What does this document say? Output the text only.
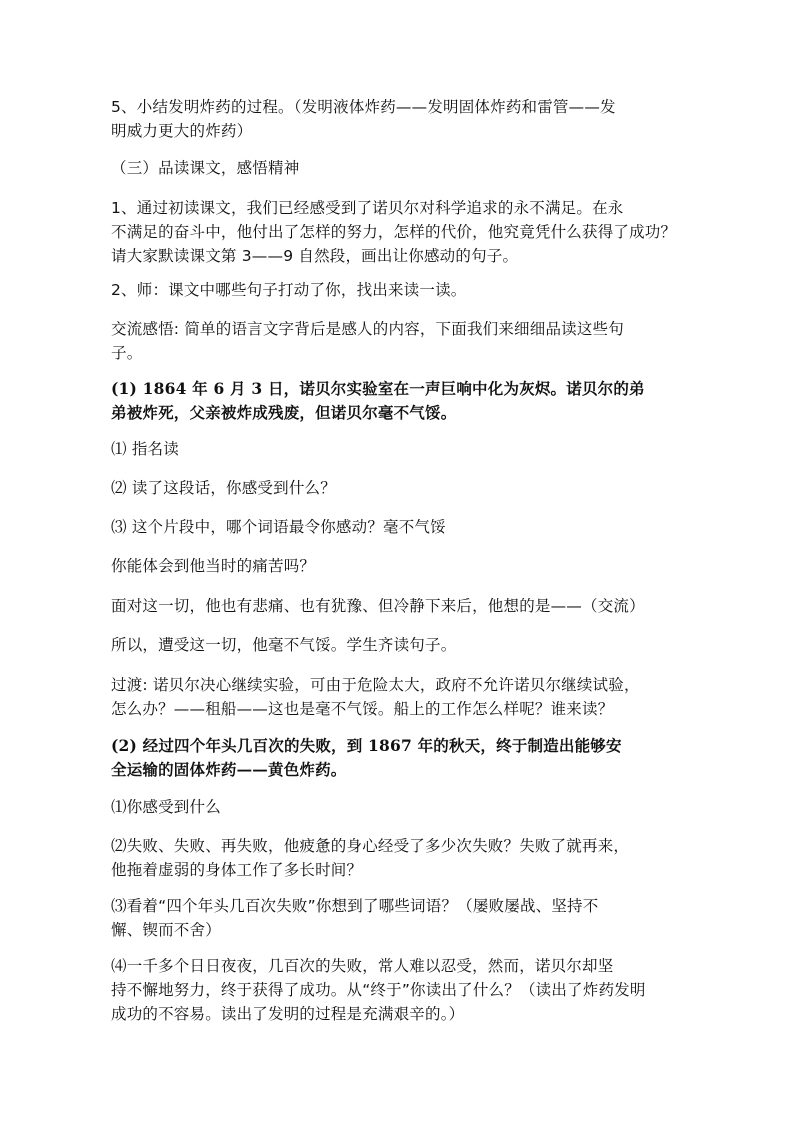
5、小结发明炸药的过程。（发明液体炸药——发明固体炸药和雷管——发
明威力更大的炸药）
（三）品读课文，感悟精神
1、通过初读课文，我们已经感受到了诺贝尔对科学追求的永不满足。在永
不满足的奋斗中，他付出了怎样的努力，怎样的代价，他究竟凭什么获得了成功？
请大家默读课文第 3——9 自然段，画出让你感动的句子。
2、师：课文中哪些句子打动了你，找出来读一读。
交流感悟: 简单的语言文字背后是感人的内容，下面我们来细细品读这些句
子。
(1) 1864 年 6 月 3 日，诺贝尔实验室在一声巨响中化为灰烬。诺贝尔的弟
弟被炸死，父亲被炸成残废，但诺贝尔毫不气馁。
⑴ 指名读
⑵ 读了这段话，你感受到什么？
⑶ 这个片段中，哪个词语最令你感动？毫不气馁
你能体会到他当时的痛苦吗？
面对这一切，他也有悲痛、也有犹豫、但冷静下来后，他想的是——（交流）
所以，遭受这一切，他毫不气馁。学生齐读句子。
过渡: 诺贝尔决心继续实验，可由于危险太大，政府不允许诺贝尔继续试验，
怎么办？——租船——这也是毫不气馁。船上的工作怎么样呢？谁来读？
(2) 经过四个年头几百次的失败，到 1867 年的秋天，终于制造出能够安
全运输的固体炸药——黄色炸药。
⑴你感受到什么
⑵失败、失败、再失败，他疲惫的身心经受了多少次失败？失败了就再来，
他拖着虚弱的身体工作了多长时间？
⑶看着“四个年头几百次失败”你想到了哪些词语？（屡败屡战、坚持不
懈、锲而不舍）
⑷一千多个日日夜夜，几百次的失败，常人难以忍受，然而，诺贝尔却坚
持不懈地努力，终于获得了成功。从“终于”你读出了什么？（读出了炸药发明
成功的不容易。读出了发明的过程是充满艰辛的。）
